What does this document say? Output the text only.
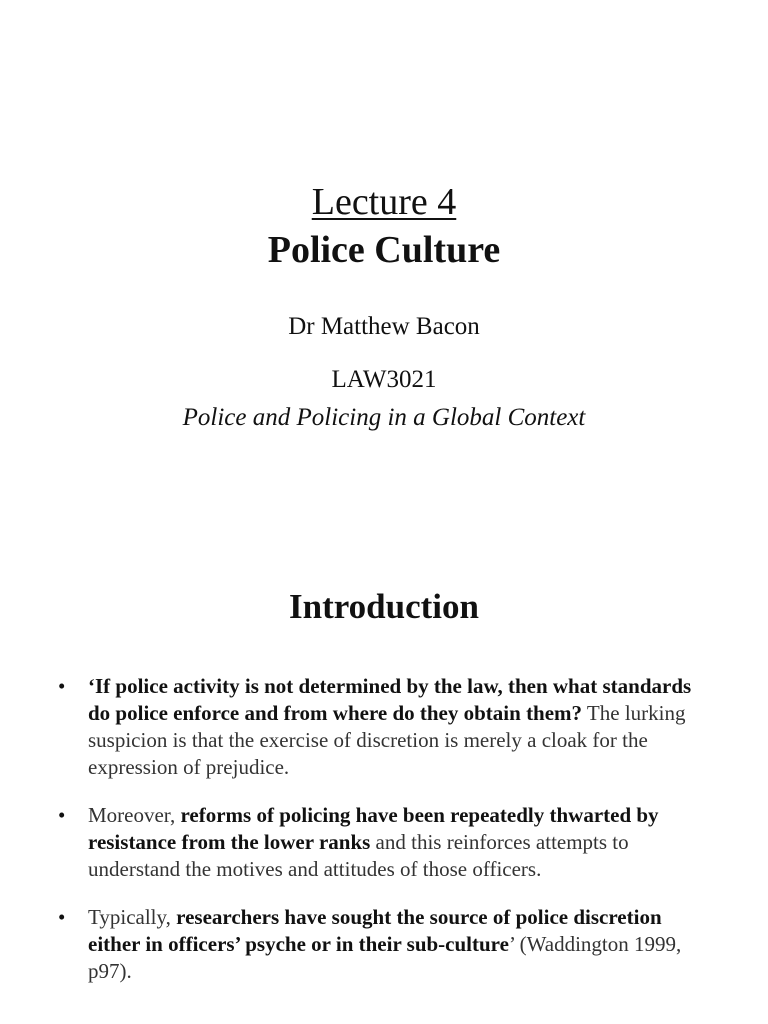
Lecture 4
Police Culture
Dr Matthew Bacon
LAW3021
Police and Policing in a Global Context
Introduction
•	‘If police activity is not determined by the law, then what standards do police enforce and from where do they obtain them? The lurking suspicion is that the exercise of discretion is merely a cloak for the expression of prejudice.
•	Moreover, reforms of policing have been repeatedly thwarted by resistance from the lower ranks and this reinforces attempts to understand the motives and attitudes of those officers.
•	Typically, researchers have sought the source of police discretion either in officers’ psyche or in their sub-culture’ (Waddington 1999, p97).
